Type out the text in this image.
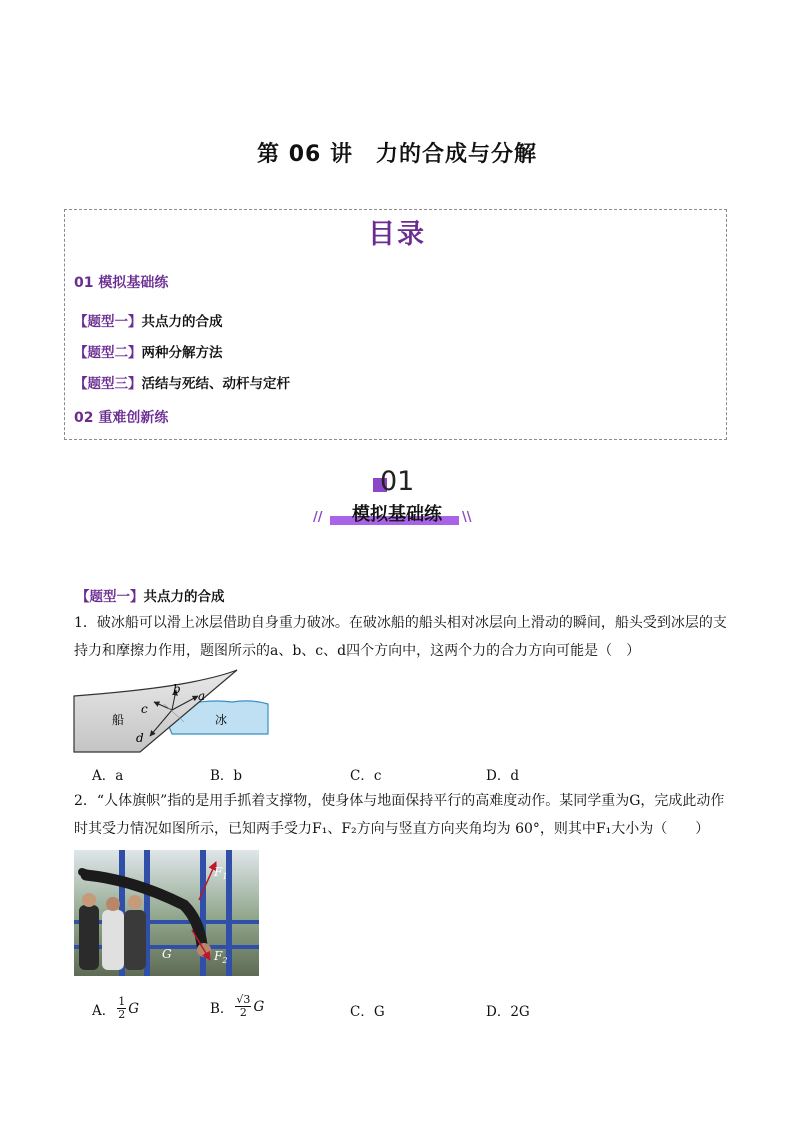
第 06 讲　力的合成与分解
目录
01 模拟基础练
【题型一】共点力的合成
【题型二】两种分解方法
【题型三】活结与死结、动杆与定杆
02 重难创新练
01
模拟基础练
//	\\
【题型一】共点力的合成
1．破冰船可以滑上冰层借助自身重力破冰。在破冰船的船头相对冰层向上滑动的瞬间，船头受到冰层的支
持力和摩擦力作用，题图所示的a、b、c、d四个方向中，这两个力的合力方向可能是（　）
船	冰
a
b
c
d
A．a	B．b	C．c	D．d
2．“人体旗帜”指的是用手抓着支撑物，使身体与地面保持平行的高难度动作。某同学重为G，完成此动作
时其受力情况如图所示，已知两手受力F₁、F₂方向与竖直方向夹角均为 60°，则其中F₁大小为（　　）
$F_1$
$F_2$
G
A． $\frac{1}{2}$ G	B． $\frac{√3}{2}$ G	C．G	D．2G
